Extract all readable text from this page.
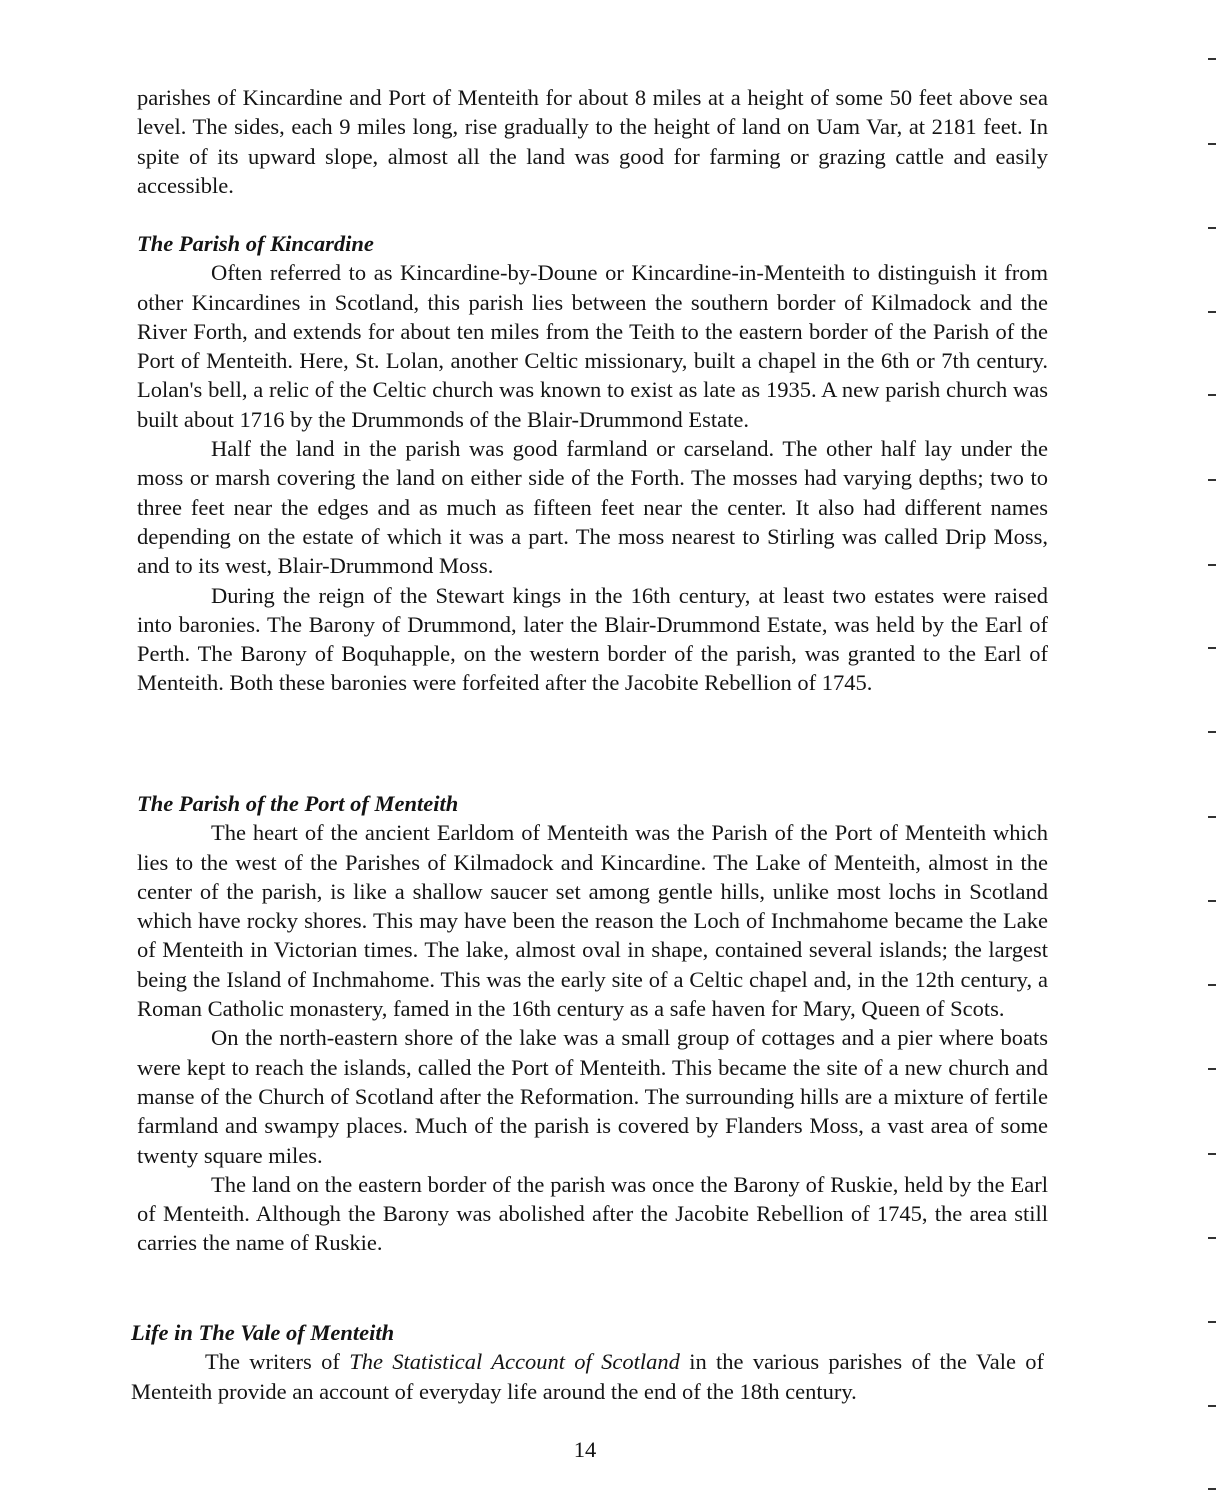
parishes of Kincardine and Port of Menteith for about 8 miles at a height of some 50 feet above sea level. The sides, each 9 miles long, rise gradually to the height of land on Uam Var, at 2181 feet. In spite of its upward slope, almost all the land was good for farming or grazing cattle and easily accessible.

The Parish of Kincardine

Often referred to as Kincardine-by-Doune or Kincardine-in-Menteith to distinguish it from other Kincardines in Scotland, this parish lies between the southern border of Kilmadock and the River Forth, and extends for about ten miles from the Teith to the eastern border of the Parish of the Port of Menteith. Here, St. Lolan, another Celtic missionary, built a chapel in the 6th or 7th century. Lolan's bell, a relic of the Celtic church was known to exist as late as 1935. A new parish church was built about 1716 by the Drummonds of the Blair-Drummond Estate.

Half the land in the parish was good farmland or carseland. The other half lay under the moss or marsh covering the land on either side of the Forth. The mosses had varying depths; two to three feet near the edges and as much as fifteen feet near the center. It also had different names depending on the estate of which it was a part. The moss nearest to Stirling was called Drip Moss, and to its west, Blair-Drummond Moss.

During the reign of the Stewart kings in the 16th century, at least two estates were raised into baronies. The Barony of Drummond, later the Blair-Drummond Estate, was held by the Earl of Perth. The Barony of Boquhapple, on the western border of the parish, was granted to the Earl of Menteith. Both these baronies were forfeited after the Jacobite Rebellion of 1745.

The Parish of the Port of Menteith

The heart of the ancient Earldom of Menteith was the Parish of the Port of Menteith which lies to the west of the Parishes of Kilmadock and Kincardine. The Lake of Menteith, almost in the center of the parish, is like a shallow saucer set among gentle hills, unlike most lochs in Scotland which have rocky shores. This may have been the reason the Loch of Inchmahome became the Lake of Menteith in Victorian times. The lake, almost oval in shape, contained several islands; the largest being the Island of Inchmahome. This was the early site of a Celtic chapel and, in the 12th century, a Roman Catholic monastery, famed in the 16th century as a safe haven for Mary, Queen of Scots.

On the north-eastern shore of the lake was a small group of cottages and a pier where boats were kept to reach the islands, called the Port of Menteith. This became the site of a new church and manse of the Church of Scotland after the Reformation. The surrounding hills are a mixture of fertile farmland and swampy places. Much of the parish is covered by Flanders Moss, a vast area of some twenty square miles.

The land on the eastern border of the parish was once the Barony of Ruskie, held by the Earl of Menteith. Although the Barony was abolished after the Jacobite Rebellion of 1745, the area still carries the name of Ruskie.

Life in The Vale of Menteith

The writers of The Statistical Account of Scotland in the various parishes of the Vale of Menteith provide an account of everyday life around the end of the 18th century.

14
